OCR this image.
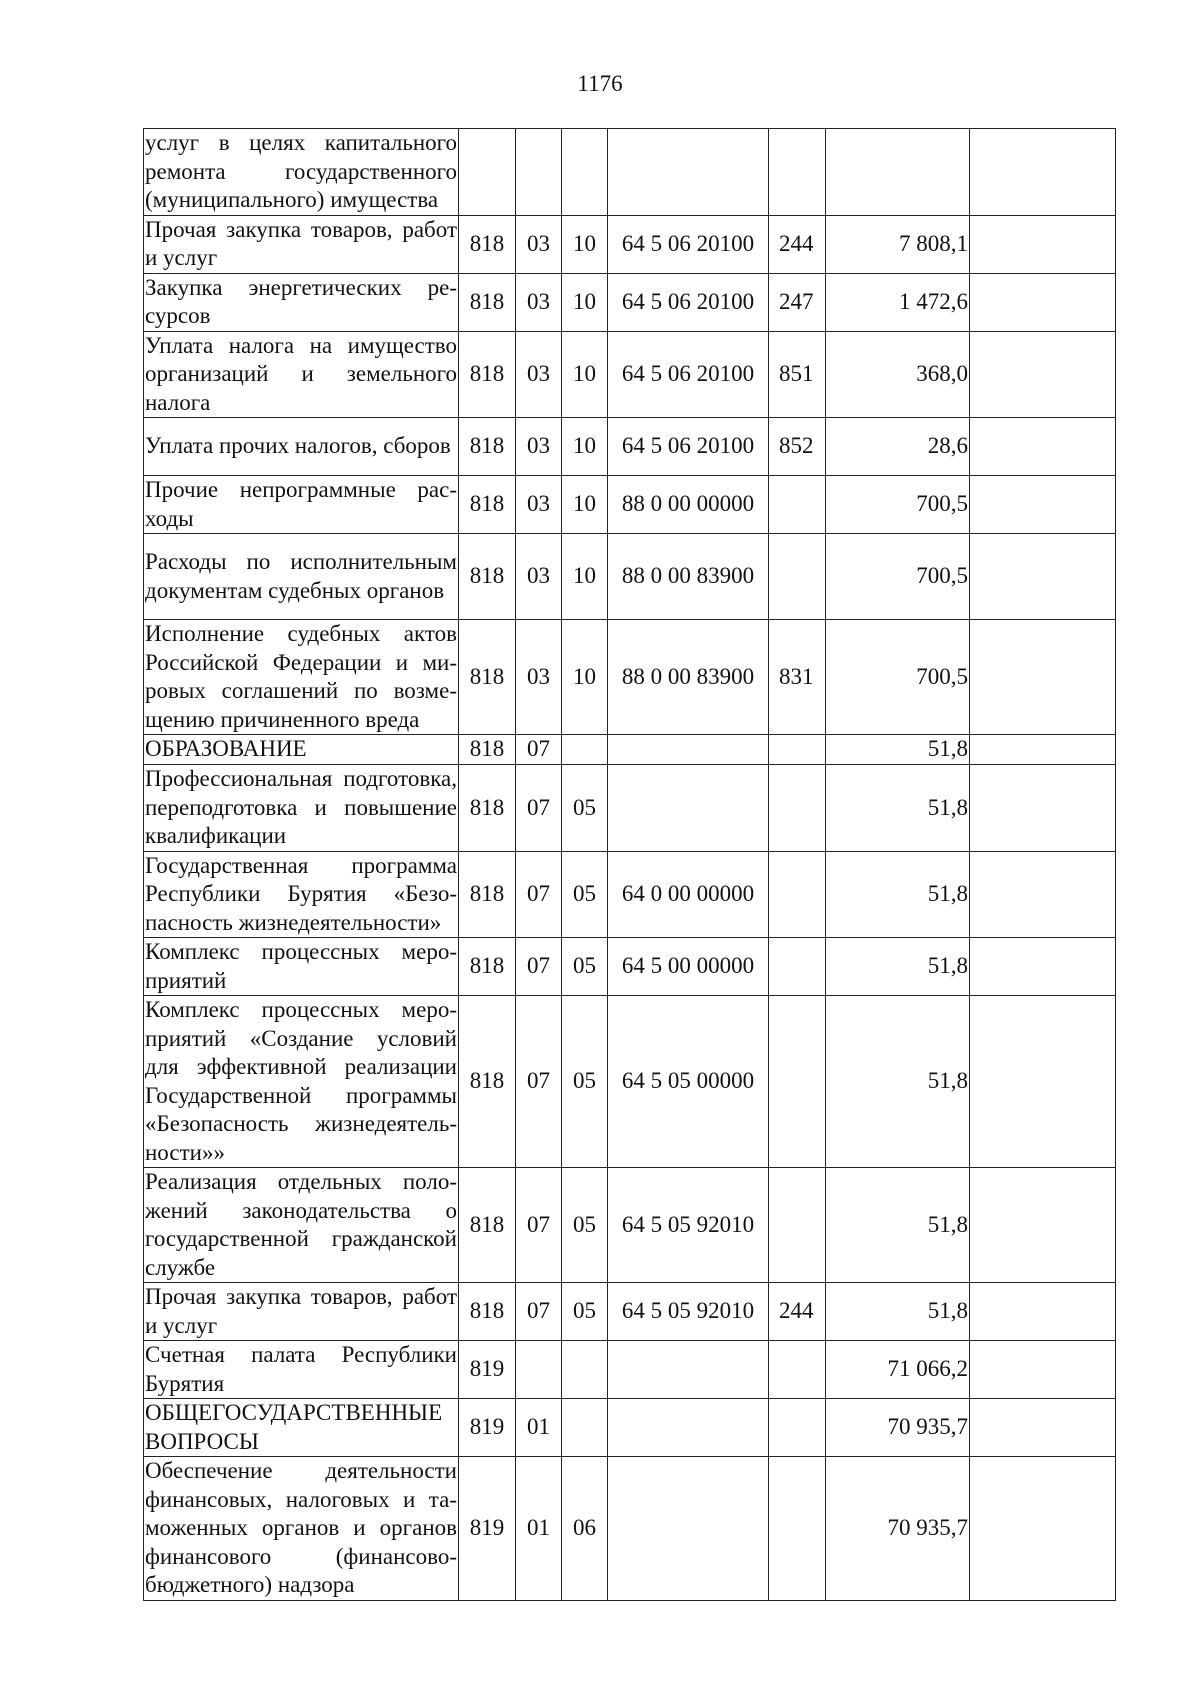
1176
услуг в целях капитального ремонта государственного (муниципального) имущества							
Прочая закупка товаров, работ и услуг	818	03	10	64 5 06 20100	244	7 808,1	
Закупка энергетических ресурсов	818	03	10	64 5 06 20100	247	1 472,6	
Уплата налога на имущество организаций и земельного налога	818	03	10	64 5 06 20100	851	368,0	
Уплата прочих налогов, сборов	818	03	10	64 5 06 20100	852	28,6	
Прочие непрограммные расходы	818	03	10	88 0 00 00000		700,5	
Расходы по исполнительным документам судебных органов	818	03	10	88 0 00 83900		700,5	
Исполнение судебных актов Российской Федерации и мировых соглашений по возмещению причиненного вреда	818	03	10	88 0 00 83900	831	700,5	
ОБРАЗОВАНИЕ	818	07				51,8	
Профессиональная подготовка, переподготовка и повышение квалификации	818	07	05			51,8	
Государственная программа Республики Бурятия «Безопасность жизнедеятельности»	818	07	05	64 0 00 00000		51,8	
Комплекс процессных мероприятий	818	07	05	64 5 00 00000		51,8	
Комплекс процессных мероприятий «Создание условий для эффективной реализации Государственной программы «Безопасность жизнедеятельности»»	818	07	05	64 5 05 00000		51,8	
Реализация отдельных положений законодательства о государственной гражданской службе	818	07	05	64 5 05 92010		51,8	
Прочая закупка товаров, работ и услуг	818	07	05	64 5 05 92010	244	51,8	
Счетная палата Республики Бурятия	819					71 066,2	
ОБЩЕГОСУДАРСТВЕННЫЕ ВОПРОСЫ	819	01				70 935,7	
Обеспечение деятельности финансовых, налоговых и таможенных органов и органов финансового (финансово-бюджетного) надзора	819	01	06			70 935,7	
